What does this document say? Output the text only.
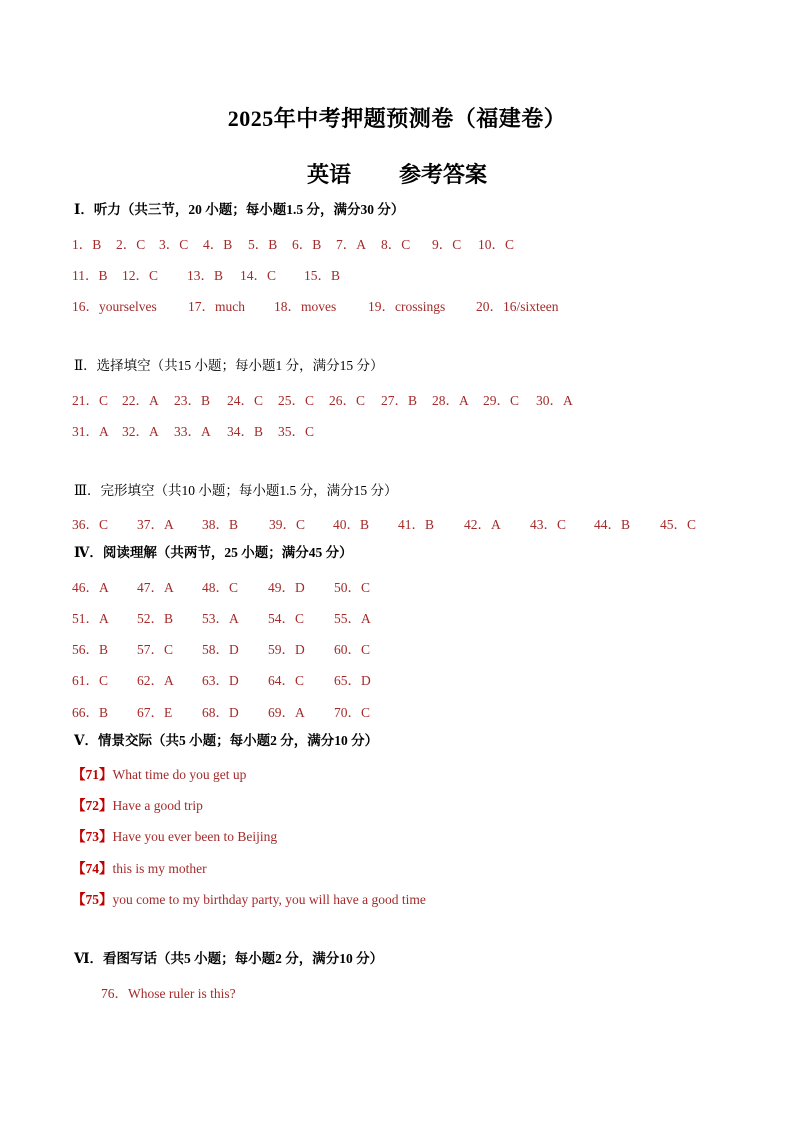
2025年中考押题预测卷（福建卷）
英语 参考答案
Ⅰ．听力（共三节，20 小题；每小题1.5 分，满分30 分）

1．B

2．C

3．C

4．B

5．B

6．B

7．A

8．C

9．C

10．C

11．B

12．C

13．B

14．C

15．B

16．yourselves

17．much

18．moves

19．crossings

20．16/sixteen

Ⅱ．选择填空（共15 小题；每小题1 分，满分15 分）

21．C

22．A

23．B

24．C

25．C

26．C

27．B

28．A

29．C

30．A

31．A

32．A

33．A

34．B

35．C

Ⅲ．完形填空（共10 小题；每小题1.5 分，满分15 分）

36．C

37．A

38．B

39．C

40．B

41．B

42．A

43．C

44．B

45．C

Ⅳ．阅读理解（共两节，25 小题；满分45 分）

46．A

47．A

48．C

49．D

50．C

51．A

52．B

53．A

54．C

55．A

56．B

57．C

58．D

59．D

60．C

61．C

62．A

63．D

64．C

65．D

66．B

67．E

68．D

69．A

70．C

Ⅴ．情景交际（共5 小题；每小题2 分，满分10 分）
【71】What time do you get up
【72】Have a good trip
【73】Have you ever been to Beijing
【74】this is my mother
【75】you come to my birthday party, you will have a good time
Ⅵ．看图写话（共5 小题；每小题2 分，满分10 分）
76．Whose ruler is this?
